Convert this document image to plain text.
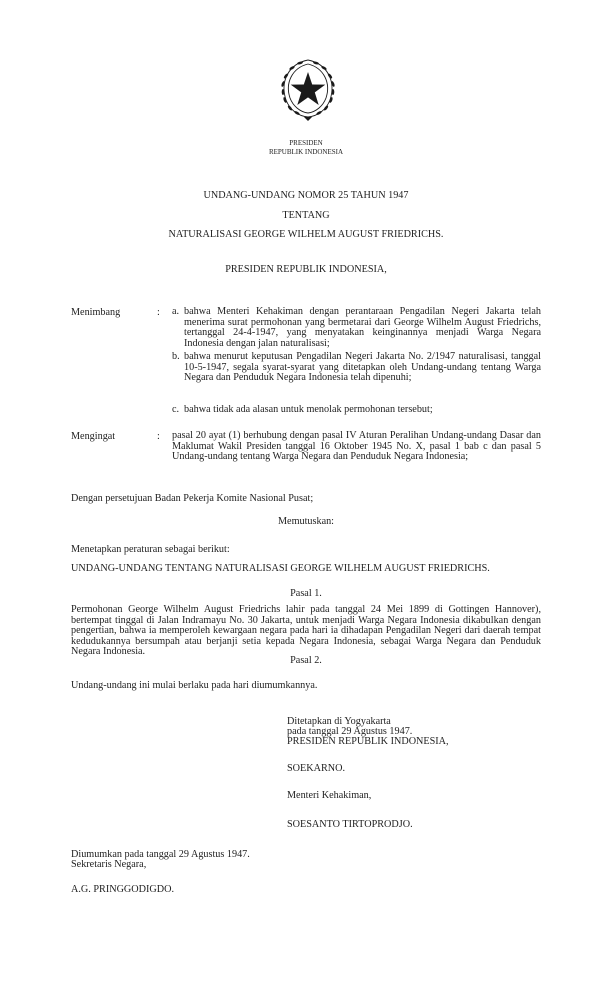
PRESIDEN
REPUBLIK INDONESIA
UNDANG-UNDANG NOMOR 25 TAHUN 1947
TENTANG
NATURALISASI GEORGE WILHELM AUGUST FRIEDRICHS.
PRESIDEN REPUBLIK INDONESIA,
Menimbang	: a. bahwa Menteri Kehakiman dengan perantaraan Pengadilan Negeri Jakarta telah menerima surat permohonan yang bermetarai dari George Wilhelm August Friedrichs, tertanggal 24-4-1947, yang menyatakan keinginannya menjadi Warga Negara Indonesia dengan jalan naturalisasi;
b. bahwa menurut keputusan Pengadilan Negeri Jakarta No. 2/1947 naturalisasi, tanggal 10-5-1947, segala syarat-syarat yang ditetapkan oleh Undang-undang tentang Warga Negara dan Penduduk Negara Indonesia telah dipenuhi;
c. bahwa tidak ada alasan untuk menolak permohonan tersebut;
Mengingat	: pasal 20 ayat (1) berhubung dengan pasal IV Aturan Peralihan Undang-undang Dasar dan Maklumat Wakil Presiden tanggal 16 Oktober 1945 No. X, pasal 1 bab c dan pasal 5 Undang-undang tentang Warga Negara dan Penduduk Negara Indonesia;
Dengan persetujuan Badan Pekerja Komite Nasional Pusat;
Memutuskan:
Menetapkan peraturan sebagai berikut:
UNDANG-UNDANG TENTANG NATURALISASI GEORGE WILHELM AUGUST FRIEDRICHS.
Pasal 1.
Permohonan George Wilhelm August Friedrichs lahir pada tanggal 24 Mei 1899 di Gottingen Hannover), bertempat tinggal di Jalan Indramayu No. 30 Jakarta, untuk menjadi Warga Negara Indonesia dikabulkan dengan pengertian, bahwa ia memperoleh kewargaan negara pada hari ia dihadapan Pengadilan Negeri dari daerah tempat kedudukannya bersumpah atau berjanji setia kepada Negara Indonesia, sebagai Warga Negara dan Penduduk Negara Indonesia.
Pasal 2.
Undang-undang ini mulai berlaku pada hari diumumkannya.
Ditetapkan di Yogyakarta
pada tanggal 29 Agustus 1947.
PRESIDEN REPUBLIK INDONESIA,
SOEKARNO.
Menteri Kehakiman,
SOESANTO TIRTOPRODJO.
Diumumkan pada tanggal 29 Agustus 1947.
Sekretaris Negara,
A.G. PRINGGODIGDO.
